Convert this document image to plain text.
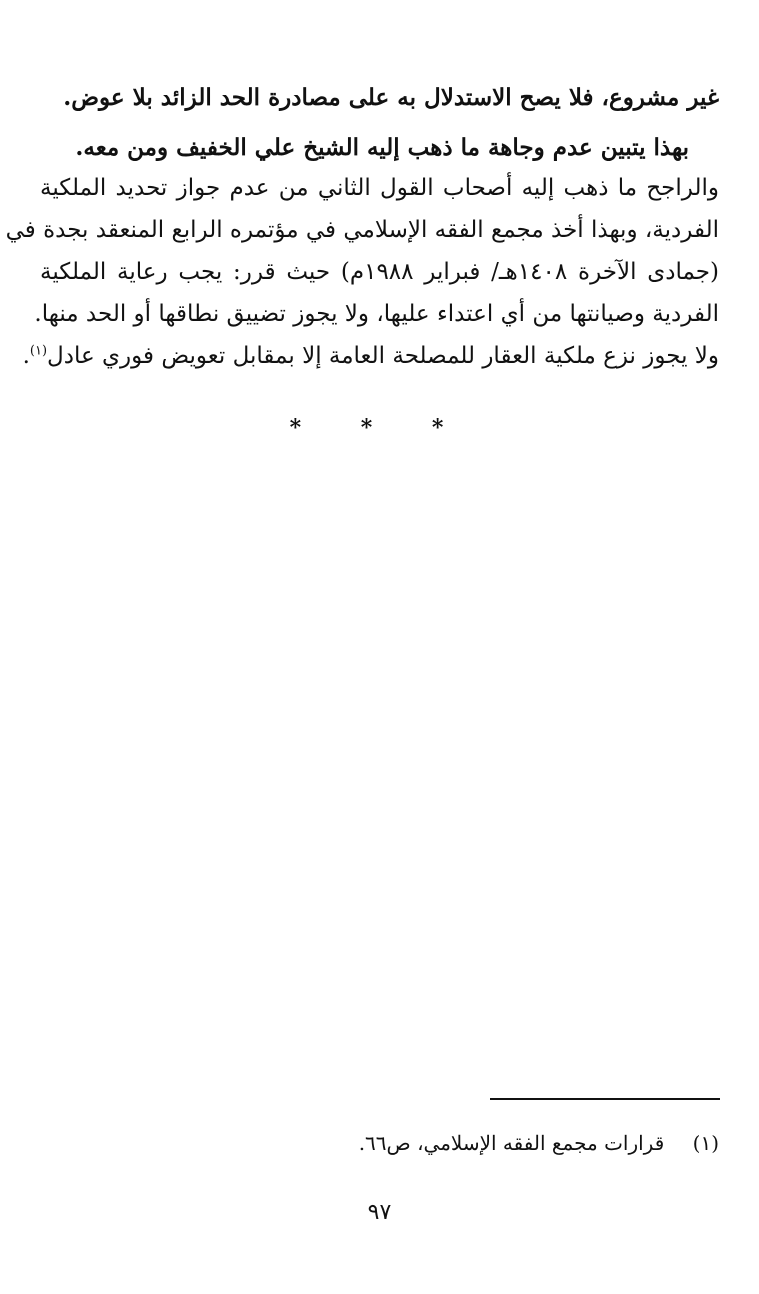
غير مشروع، فلا يصح الاستدلال به على مصادرة الحد الزائد بلا عوض.
بهذا يتبين عدم وجاهة ما ذهب إليه الشيخ علي الخفيف ومن معه.
والراجح ما ذهب إليه أصحاب القول الثاني من عدم جواز تحديد الملكية
الفردية، وبهذا أخذ مجمع الفقه الإسلامي في مؤتمره الرابع المنعقد بجدة في
(جمادى الآخرة ١٤٠٨هـ/ فبراير ١٩٨٨م) حيث قرر: يجب رعاية الملكية
الفردية وصيانتها من أي اعتداء عليها، ولا يجوز تضييق نطاقها أو الحد منها.
ولا يجوز نزع ملكية العقار للمصلحة العامة إلا بمقابل تعويض فوري عادل$^{(١)}$.
* * *
(١) قرارات مجمع الفقه الإسلامي، ص٦٦.
٩٧
